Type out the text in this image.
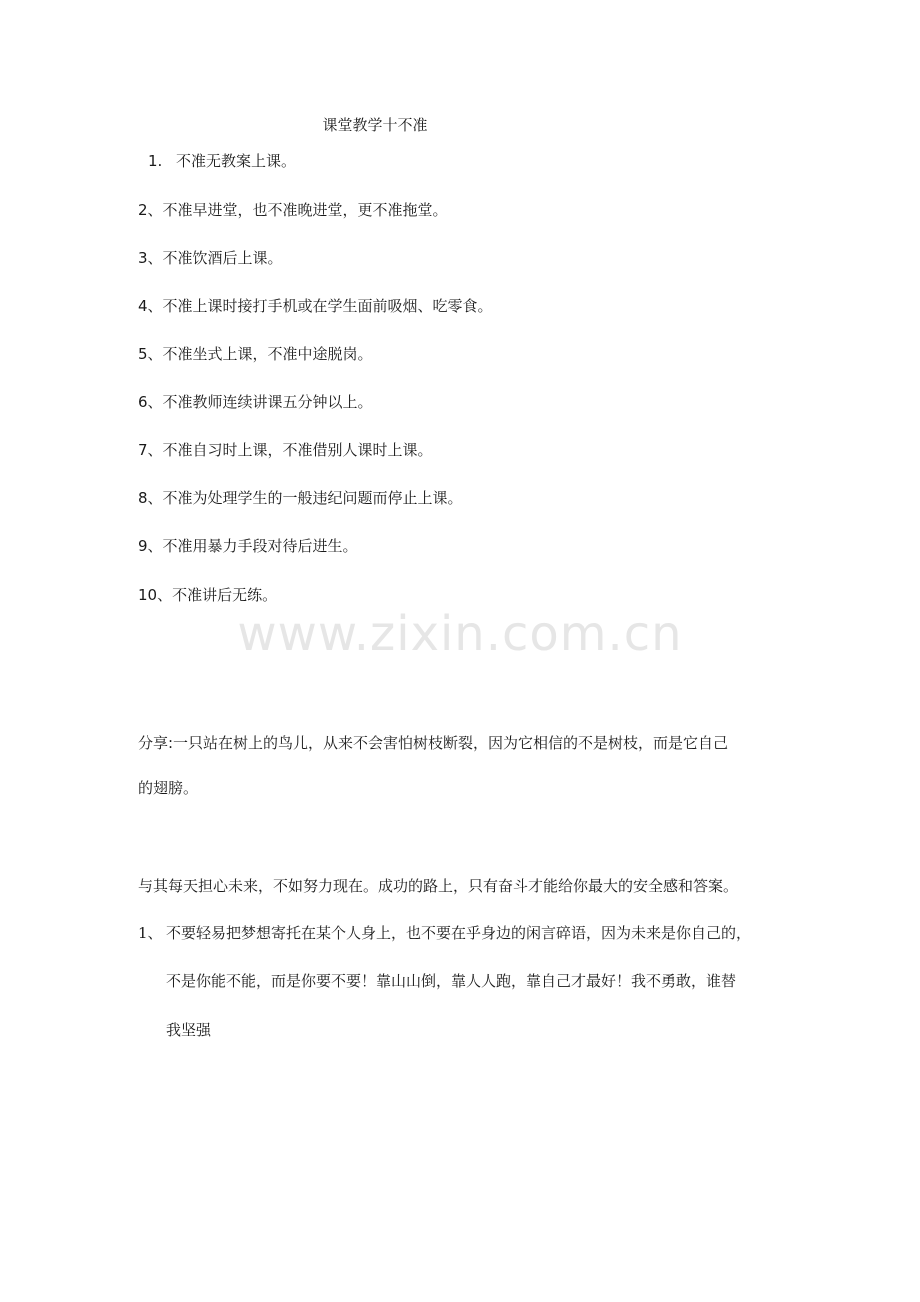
课堂教学十不准
1. 不准无教案上课。
2、不准早进堂，也不准晚进堂，更不准拖堂。
3、不准饮酒后上课。
4、不准上课时接打手机或在学生面前吸烟、吃零食。
5、不准坐式上课，不准中途脱岗。
6、不准教师连续讲课五分钟以上。
7、不准自习时上课，不准借别人课时上课。
8、不准为处理学生的一般违纪问题而停止上课。
9、不准用暴力手段对待后进生。
10、不准讲后无练。
www.zixin.com.cn
分享:一只站在树上的鸟儿，从来不会害怕树枝断裂，因为它相信的不是树枝，而是它自己
的翅膀。
与其每天担心未来，不如努力现在。成功的路上，只有奋斗才能给你最大的安全感和答案。
1、 不要轻易把梦想寄托在某个人身上，也不要在乎身边的闲言碎语，因为未来是你自己的，
不是你能不能，而是你要不要！靠山山倒，靠人人跑，靠自己才最好！我不勇敢，谁替
我坚强
